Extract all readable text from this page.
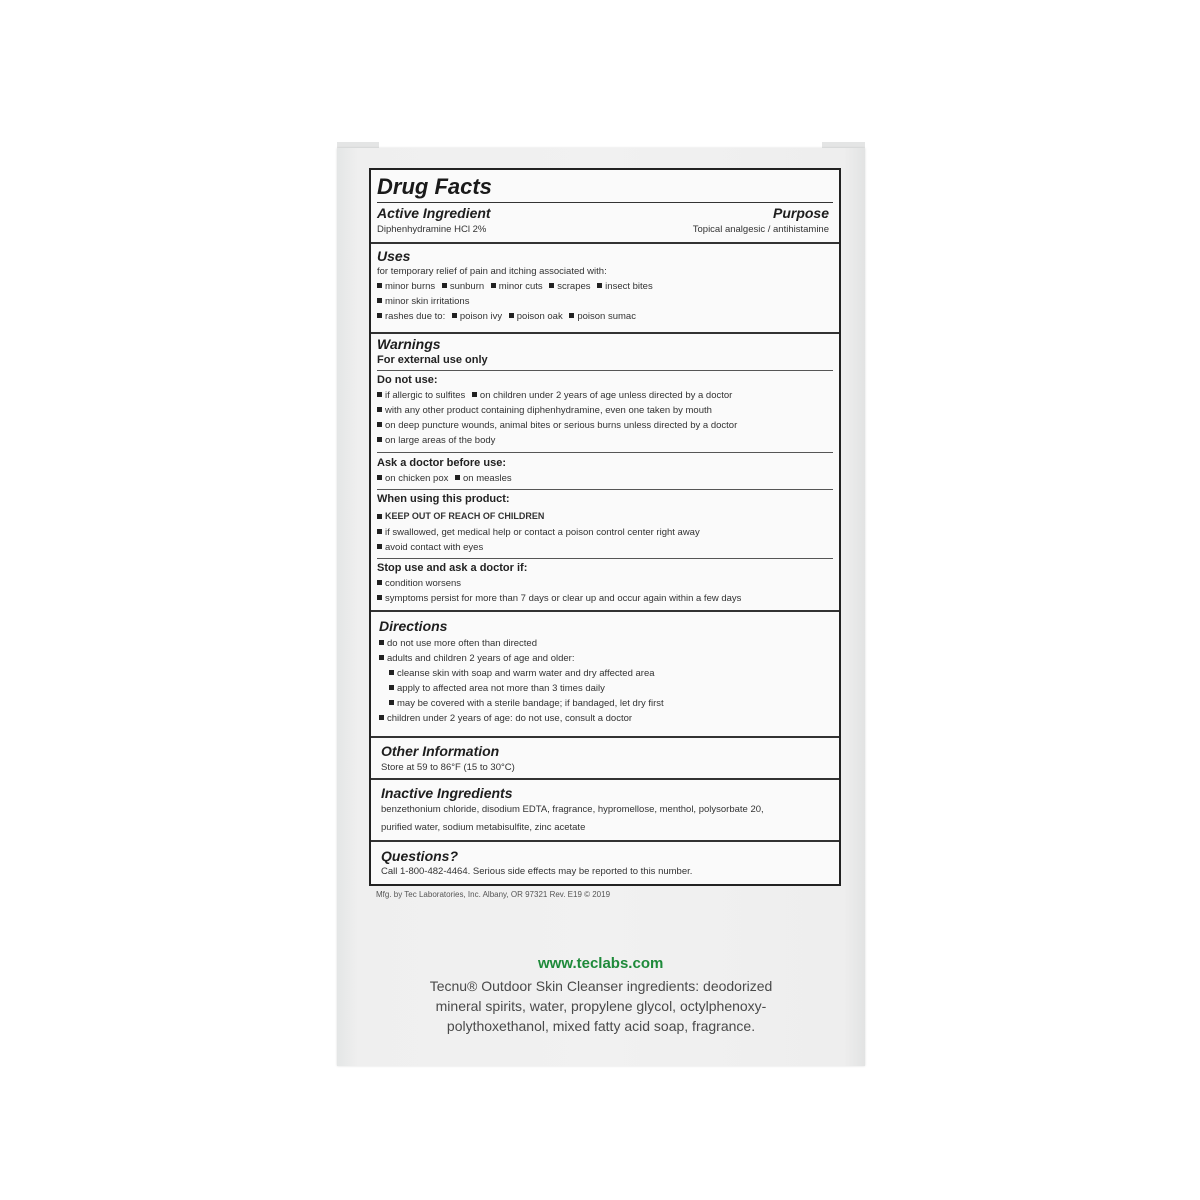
Drug Facts
Active Ingredient	Purpose
Diphenhydramine HCl 2%	Topical analgesic / antihistamine
Uses
for temporary relief of pain and itching associated with:
minor burns sunburn minor cuts scrapes insect bites
minor skin irritations
rashes due to: poison ivy poison oak poison sumac
Warnings
For external use only
Do not use:
if allergic to sulfites on children under 2 years of age unless directed by a doctor
with any other product containing diphenhydramine, even one taken by mouth
on deep puncture wounds, animal bites or serious burns unless directed by a doctor
on large areas of the body
Ask a doctor before use:
on chicken pox on measles
When using this product:
KEEP OUT OF REACH OF CHILDREN
if swallowed, get medical help or contact a poison control center right away
avoid contact with eyes
Stop use and ask a doctor if:
condition worsens
symptoms persist for more than 7 days or clear up and occur again within a few days
Directions
do not use more often than directed
adults and children 2 years of age and older:
cleanse skin with soap and warm water and dry affected area
apply to affected area not more than 3 times daily
may be covered with a sterile bandage; if bandaged, let dry first
children under 2 years of age: do not use, consult a doctor
Other Information
Store at 59 to 86°F (15 to 30°C)
Inactive Ingredients
benzethonium chloride, disodium EDTA, fragrance, hypromellose, menthol, polysorbate 20,
purified water, sodium metabisulfite, zinc acetate
Questions?
Call 1-800-482-4464. Serious side effects may be reported to this number.
Mfg. by Tec Laboratories, Inc. Albany, OR 97321 Rev. E19 © 2019
www.teclabs.com
Tecnu® Outdoor Skin Cleanser ingredients: deodorized mineral spirits, water, propylene glycol, octylphenoxy-polythoxethanol, mixed fatty acid soap, fragrance.
